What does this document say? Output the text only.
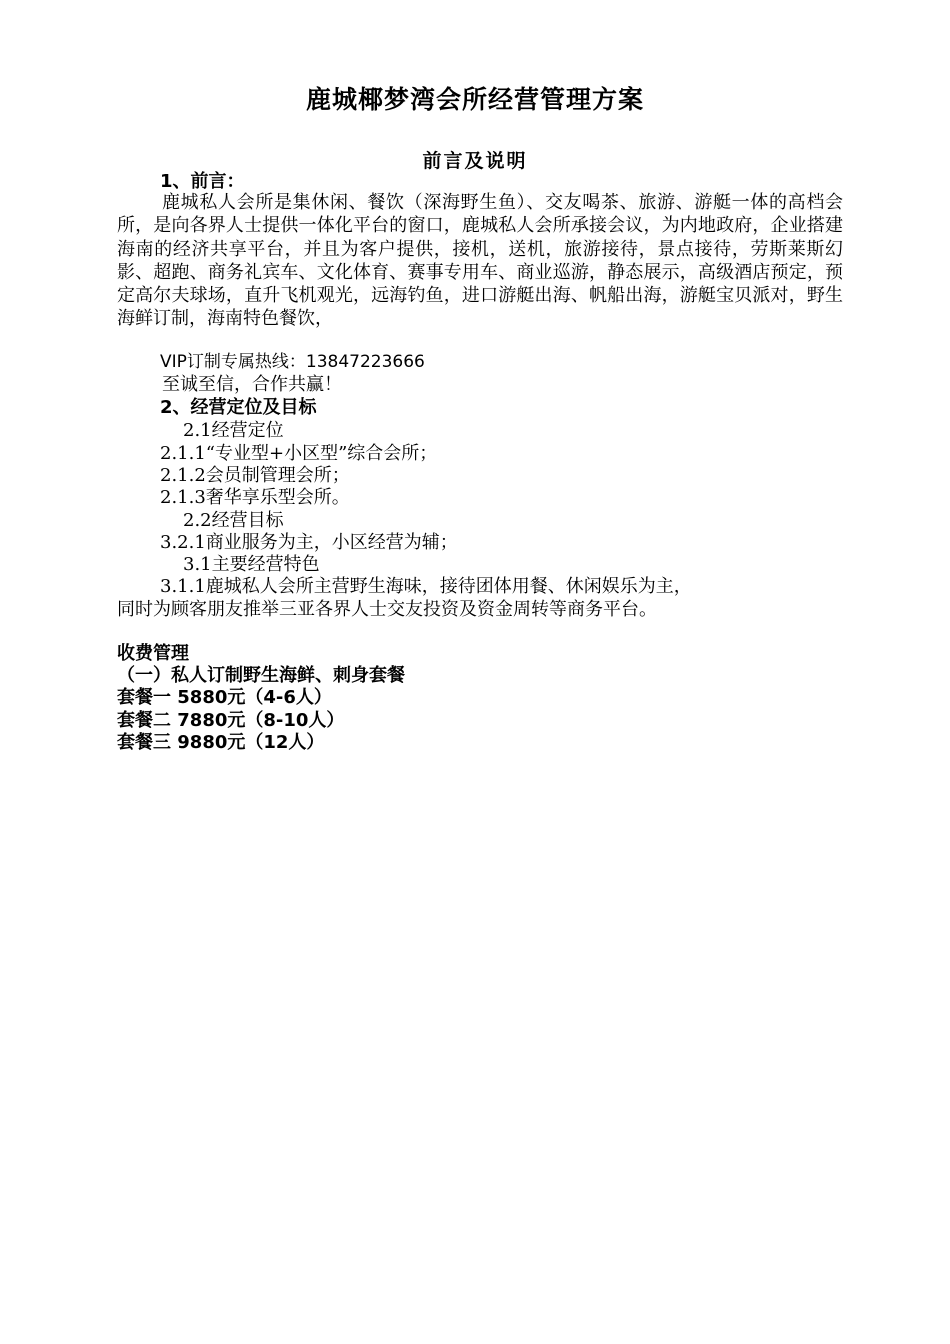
鹿城椰梦湾会所经营管理方案
前言及说明
1、前言：
鹿城私人会所是集休闲、餐饮（深海野生鱼）、交友喝茶、旅游、游艇一体的高档会所，是向各界人士提供一体化平台的窗口，鹿城私人会所承接会议，为内地政府，企业搭建海南的经济共享平台，并且为客户提供，接机，送机，旅游接待，景点接待，劳斯莱斯幻影、超跑、商务礼宾车、文化体育、赛事专用车、商业巡游，静态展示，高级酒店预定，预定高尔夫球场，直升飞机观光，远海钓鱼，进口游艇出海、帆船出海，游艇宝贝派对，野生海鲜订制，海南特色餐饮，
VIP订制专属热线：13847223666
至诚至信，合作共赢！
2、经营定位及目标
2.1经营定位
2.1.1“专业型+小区型”综合会所；
2.1.2会员制管理会所；
2.1.3奢华享乐型会所。
2.2经营目标
3.2.1商业服务为主，小区经营为辅；
3.1主要经营特色
3.1.1鹿城私人会所主营野生海味，接待团体用餐、休闲娱乐为主，
同时为顾客朋友推举三亚各界人士交友投资及资金周转等商务平台。
收费管理
（一）私人订制野生海鲜、刺身套餐
套餐一 5880元（4-6人）
套餐二 7880元（8-10人）
套餐三 9880元（12人）
